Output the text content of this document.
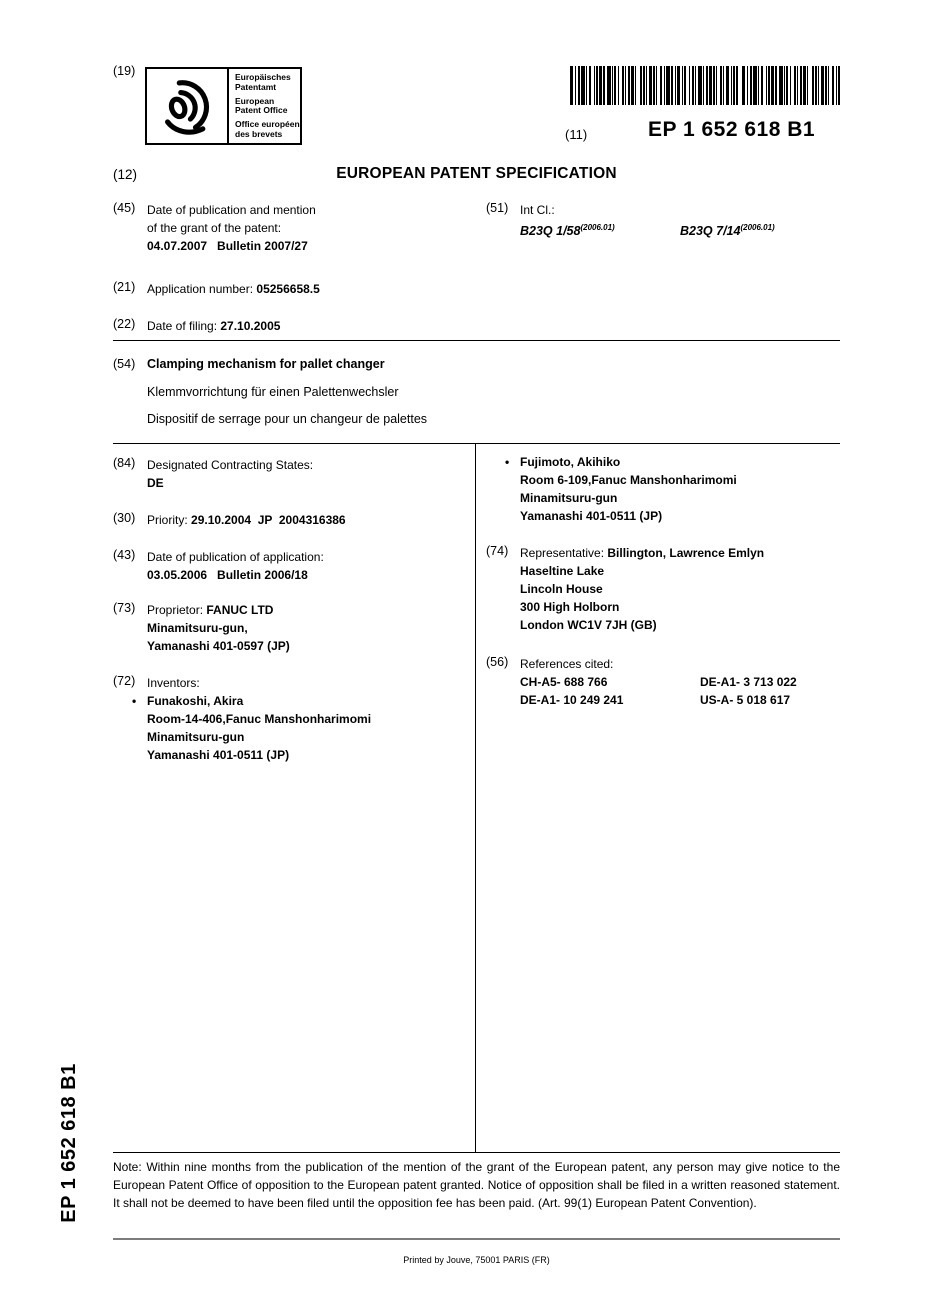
(19)	Europäisches
Patentamt
European
Patent Office
Office européen
des brevets	(11)	EP 1 652 618 B1
(12)	EUROPEAN PATENT SPECIFICATION
(45) Date of publication and mention
of the grant of the patent:
04.07.2007   Bulletin 2007/27
(51) Int Cl.:
B23Q $1/58^{(2006.01)}$	B23Q $7/14^{(2006.01)}$
(21) Application number: 05256658.5
(22) Date of filing: 27.10.2005
(54) Clamping mechanism for pallet changer
Klemmvorrichtung für einen Palettenwechsler
Dispositif de serrage pour un changeur de palettes
(84) Designated Contracting States:
DE
(30) Priority: 29.10.2004  JP  2004316386
(43) Date of publication of application:
03.05.2006   Bulletin 2006/18
(73) Proprietor: FANUC LTD
Minamitsuru-gun,
Yamanashi 401-0597 (JP)
(72) Inventors:
• Funakoshi, Akira
Room-14-406,Fanuc Manshonharimomi
Minamitsuru-gun
Yamanashi 401-0511 (JP)
• Fujimoto, Akihiko
Room 6-109,Fanuc Manshonharimomi
Minamitsuru-gun
Yamanashi 401-0511 (JP)
(74) Representative: Billington, Lawrence Emlyn
Haseltine Lake
Lincoln House
300 High Holborn
London WC1V 7JH (GB)
(56) References cited:
CH-A5- 688 766	DE-A1- 3 713 022
DE-A1- 10 249 241	US-A- 5 018 617
EP 1 652 618 B1	Note: Within nine months from the publication of the mention of the grant of the European patent, any person may give notice to the European Patent Office of opposition to the European patent granted. Notice of opposition shall be filed in a written reasoned statement. It shall not be deemed to have been filed until the opposition fee has been paid. (Art. 99(1) European Patent Convention).
Printed by Jouve, 75001 PARIS (FR)
